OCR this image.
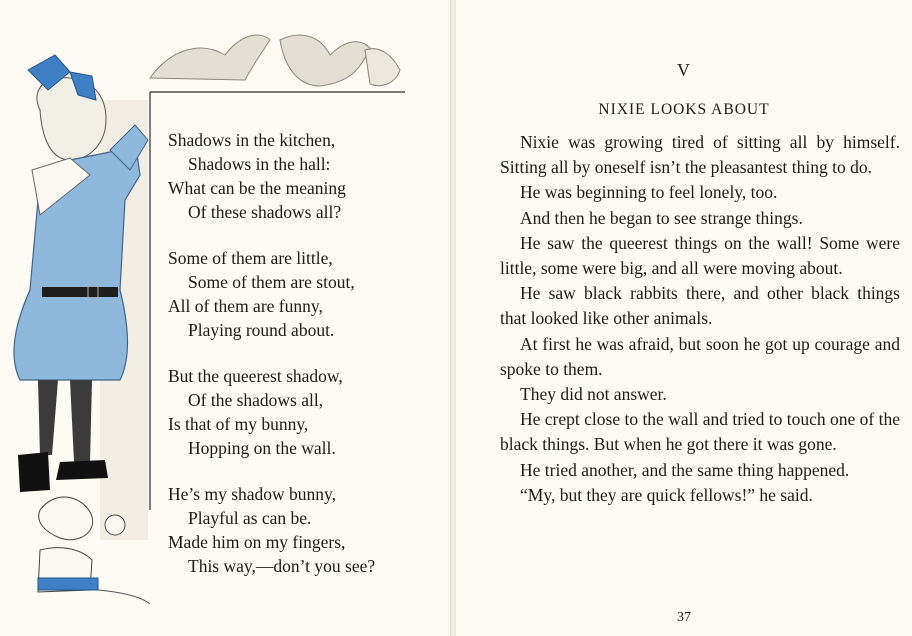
Shadows in the kitchen,
Shadows in the hall:
What can be the meaning
Of these shadows all?
Some of them are little,
Some of them are stout,
All of them are funny,
Playing round about.
But the queerest shadow,
Of the shadows all,
Is that of my bunny,
Hopping on the wall.
He’s my shadow bunny,
Playful as can be.
Made him on my fingers,
This way,—don’t you see?
V
NIXIE LOOKS ABOUT

Nixie was growing tired of sitting all by himself. Sitting all by oneself isn’t the pleasantest thing to do.

He was beginning to feel lonely, too.

And then he began to see strange things.

He saw the queerest things on the wall! Some were little, some were big, and all were moving about.

He saw black rabbits there, and other black things that looked like other animals.

At first he was afraid, but soon he got up courage and spoke to them.

They did not answer.

He crept close to the wall and tried to touch one of the black things. But when he got there it was gone.

He tried another, and the same thing happened.

“My, but they are quick fellows!” he said.

37
